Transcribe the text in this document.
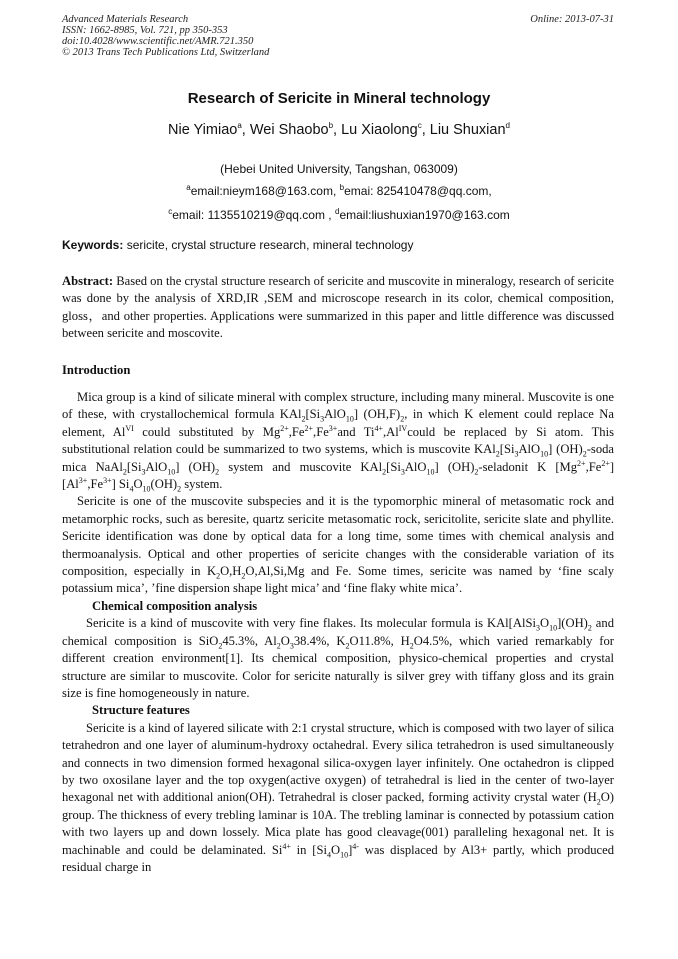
Advanced Materials Research
ISSN: 1662-8985, Vol. 721, pp 350-353
doi:10.4028/www.scientific.net/AMR.721.350
© 2013 Trans Tech Publications Ltd, Switzerland
Online: 2013-07-31
Research of Sericite in Mineral technology
Nie Yimiao$^a$, Wei Shaobo$^b$, Lu Xiaolong$^c$, Liu Shuxian$^d$
(Hebei United University, Tangshan, 063009)
$^a$email:nieym168@163.com, $^b$emai: 825410478@qq.com,
$^c$email: 1135510219@qq.com , $^d$email:liushuxian1970@163.com
Keywords: sericite, crystal structure research, mineral technology
Abstract: Based on the crystal structure research of sericite and muscovite in mineralogy, research of sericite was done by the analysis of XRD,IR ,SEM and microscope research in its color, chemical composition, gloss，and other properties. Applications were summarized in this paper and little difference was discussed between sericite and moscovite.
Introduction

Mica group is a kind of silicate mineral with complex structure, including many mineral. Muscovite is one of these, with crystallochemical formula $KAl_2[Si_3AlO_{10}]$ $(OH,F)_2$, in which K element could replace Na element, $Al^{VI}$ could substituted by $Mg^{2+},Fe^{2+},Fe^{3+}and$ $Ti^{4+},Al^{IV}could$ be replaced by Si atom. This substitutional relation could be summarized to two systems, which is muscovite $KAl_2[Si_3AlO_{10}]$ $(OH)_2$-soda mica $NaAl_2[Si_3AlO_{10}]$ $(OH)_2$ system and muscovite $KAl_2[Si_3AlO_{10}]$ $(OH)_2$-seladonit K $[Mg^{2+},Fe^{2+}]$ $[Al^{3+},Fe^{3+}]$ $Si_4O_{10}(OH)_2$ system.

Sericite is one of the muscovite subspecies and it is the typomorphic mineral of metasomatic rock and metamorphic rocks, such as beresite, quartz sericite metasomatic rock, sericitolite, sericite slate and phyllite. Sericite identification was done by optical data for a long time, some times with chemical analysis and thermoanalysis. Optical and other properties of sericite changes with the considerable variation of its composition, especially in $K_2O,H_2O,Al,Si,Mg$ and Fe. Some times, sericite was named by ‘fine scaly potassium mica’, ’fine dispersion shape light mica’ and ‘fine flaky white mica’.

Chemical composition analysis

Sericite is a kind of muscovite with very fine flakes. Its molecular formula is $KAl[AlSi_3O_{10}](OH)_2$ and chemical composition is SiO$_2$45.3%, $Al_2O_338.4\%$, $K_2O11.8\%$, $H_2O4.5\%$, which varied remarkably for different creation environment[1]. Its chemical composition, physico-chemical properties and crystal structure are similar to muscovite. Color for sericite naturally is silver grey with tiffany gloss and its grain size is fine homogeneously in nature.

Structure features

Sericite is a kind of layered silicate with 2:1 crystal structure, which is composed with two layer of silica tetrahedron and one layer of aluminum-hydroxy octahedral. Every silica tetrahedron is used simultaneously and connects in two dimension formed hexagonal silica-oxygen layer infinitely. One octahedron is clipped by two oxosilane layer and the top oxygen(active oxygen) of tetrahedral is lied in the center of two-layer hexagonal net with additional anion(OH). Tetrahedral is closer packed, forming activity crystal water $(H_2O)$ group. The thickness of every trebling laminar is 10A. The trebling laminar is connected by potassium cation with two layers up and down lossely. Mica plate has good cleavage(001) paralleling hexagonal net. It is machinable and could be delaminated. $Si^{4+}$ in $[Si_4O_{10}]^{4-}$ was displaced by Al3+ partly, which produced residual charge in
